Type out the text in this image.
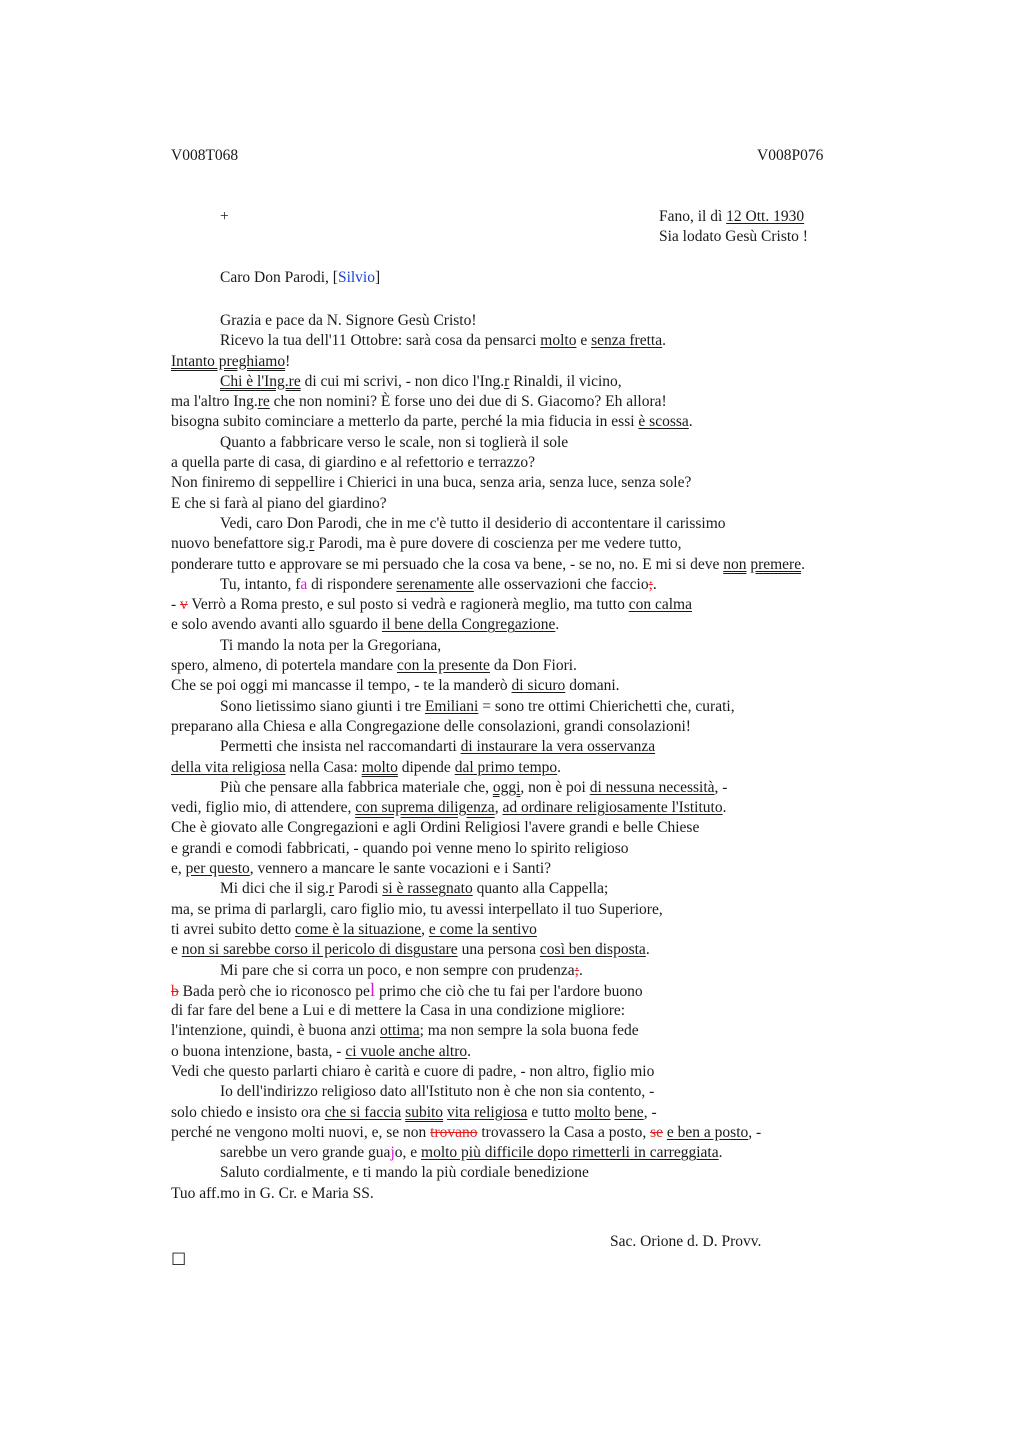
V008T068	V008P076
+	Fano, il dì 12 Ott. 1930
Sia lodato Gesù Cristo !
Caro Don Parodi, [Silvio]
Grazia e pace da N. Signore Gesù Cristo!
Ricevo la tua dell'11 Ottobre: sarà cosa da pensarci molto e senza fretta.
Intanto preghiamo!
Chi è l'Ing.re di cui mi scrivi, - non dico l'Ing.r Rinaldi, il vicino,
ma l'altro Ing.re che non nomini? È forse uno dei due di S. Giacomo? Eh allora!
bisogna subito cominciare a metterlo da parte, perché la mia fiducia in essi è scossa.
Quanto a fabbricare verso le scale, non si toglierà il sole
a quella parte di casa, di giardino e al refettorio e terrazzo?
Non finiremo di seppellire i Chierici in una buca, senza aria, senza luce, senza sole?
E che si farà al piano del giardino?
Vedi, caro Don Parodi, che in me c'è tutto il desiderio di accontentare il carissimo
nuovo benefattore sig.r Parodi, ma è pure dovere di coscienza per me vedere tutto,
ponderare tutto e approvare se mi persuado che la cosa va bene, - se no, no. E mi si deve non premere.
Tu, intanto, fa di rispondere serenamente alle osservazioni che faccio;.
- v Verrò a Roma presto, e sul posto si vedrà e ragionerà meglio, ma tutto con calma
e solo avendo avanti allo sguardo il bene della Congregazione.
Ti mando la nota per la Gregoriana,
spero, almeno, di potertela mandare con la presente da Don Fiori.
Che se poi oggi mi mancasse il tempo, - te la manderò di sicuro domani.
Sono lietissimo siano giunti i tre Emiliani = sono tre ottimi Chierichetti che, curati,
preparano alla Chiesa e alla Congregazione delle consolazioni, grandi consolazioni!
Permetti che insista nel raccomandarti di instaurare la vera osservanza
della vita religiosa nella Casa: molto dipende dal primo tempo.
Più che pensare alla fabbrica materiale che, oggi, non è poi di nessuna necessità, -
vedi, figlio mio, di attendere, con suprema diligenza, ad ordinare religiosamente l'Istituto.
Che è giovato alle Congregazioni e agli Ordini Religiosi l'avere grandi e belle Chiese
e grandi e comodi fabbricati, - quando poi venne meno lo spirito religioso
e, per questo, vennero a mancare le sante vocazioni e i Santi?
Mi dici che il sig.r Parodi si è rassegnato quanto alla Cappella;
ma, se prima di parlargli, caro figlio mio, tu avessi interpellato il tuo Superiore,
ti avrei subito detto come è la situazione, e come la sentivo
e non si sarebbe corso il pericolo di disgustare una persona così ben disposta.
Mi pare che si corra un poco, e non sempre con prudenza;.
b Bada però che io riconosco pel primo che ciò che tu fai per l'ardore buono
di far fare del bene a Lui e di mettere la Casa in una condizione migliore:
l'intenzione, quindi, è buona anzi ottima; ma non sempre la sola buona fede
o buona intenzione, basta, - ci vuole anche altro.
Vedi che questo parlarti chiaro è carità e cuore di padre, - non altro, figlio mio
Io dell'indirizzo religioso dato all'Istituto non è che non sia contento, -
solo chiedo e insisto ora che si faccia subito vita religiosa e tutto molto bene, -
perché ne vengono molti nuovi, e, se non trovano trovassero la Casa a posto, se e ben a posto, -
sarebbe un vero grande guajo, e molto più difficile dopo rimetterli in carreggiata.
Saluto cordialmente, e ti mando la più cordiale benedizione
Tuo aff.mo in G. Cr. e Maria SS.
Sac. Orione d. D. Provv.
☐
